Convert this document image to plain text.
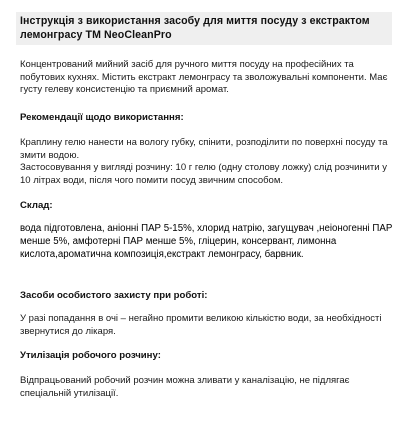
Інструкція з використання засобу для миття посуду з екстрактом
лемонграсу ТМ NeoCleanPro

Концентрований мийний засіб для ручного миття посуду на професійних та
побутових кухнях. Містить екстракт лемонграсу та зволожувальні компоненти. Має
густу гелеву консистенцію та приємний аромат.

Рекомендації щодо використання:

Краплину гелю нанести на вологу губку, спінити, розподілити по поверхні посуду та
змити водою.
Застосовування у вигляді розчину: 10 г гелю (одну столову ложку) слід розчинити у
10 літрах води, після чого помити посуд звичним способом.

Склад:

вода підготовлена, аніонні ПАР 5-15%, хлорид натрію, загущувач ,неіоногенні ПАР
менше 5%, амфотерні ПАР менше 5%, гліцерин, консервант, лимонна
кислота,ароматична композиція,екстракт лемонграсу, барвник.

Засоби особистого захисту при роботі:

У разі попадання в очі – негайно промити великою кількістю води, за необхідності
звернутися до лікаря.

Утилізація робочого розчину:

Відпрацьований робочий розчин можна зливати у каналізацію, не підлягає
спеціальній утилізації.
